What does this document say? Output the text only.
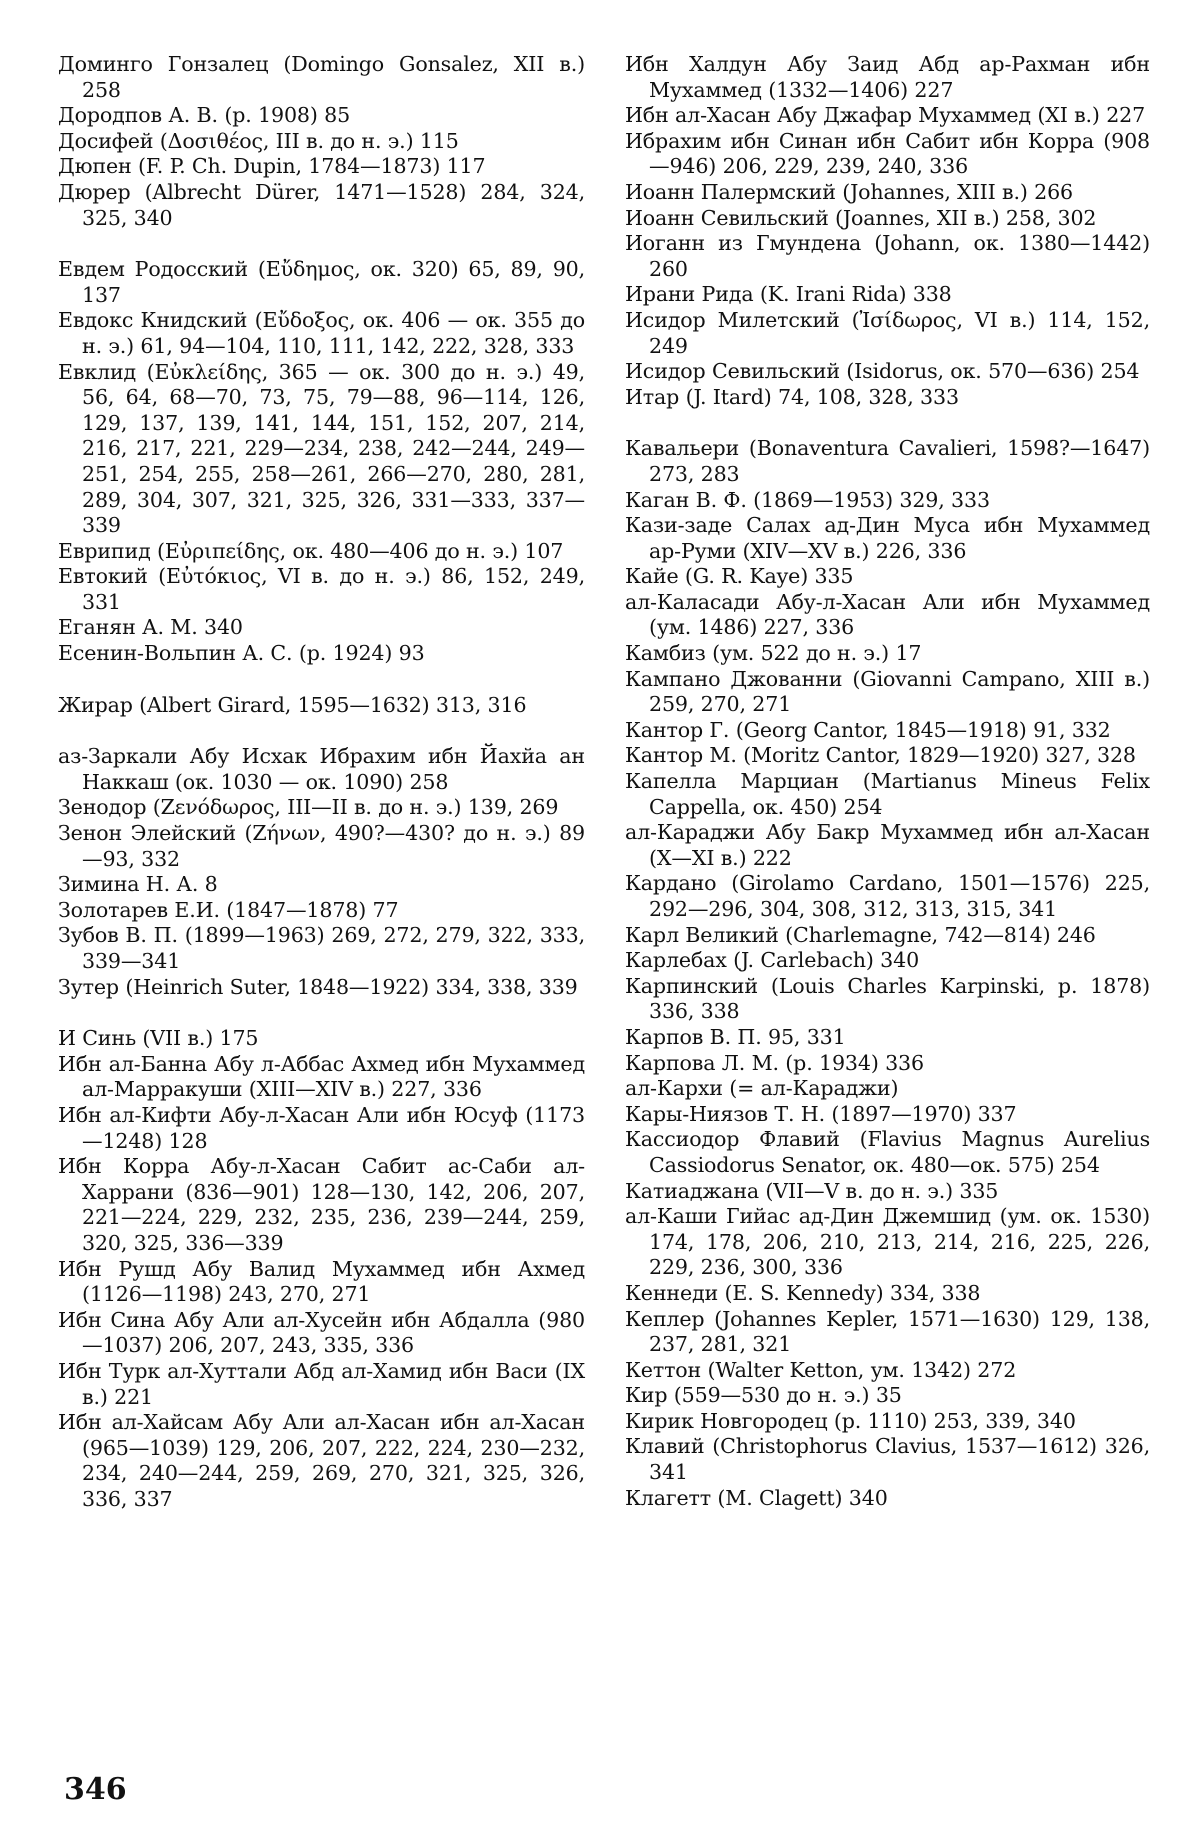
Доминго Гонзалец (Domingo Gonsalez, XII в.) 258

Дородпов А. В. (р. 1908) 85

Досифей (Δοσιθέος, III в. до н. э.) 115

Дюпен (F. P. Ch. Dupin, 1784—1873) 117

Дюрер (Albrecht Dürer, 1471—1528) 284, 324, 325, 340

Евдем Родосский (Εὔδημος, ок. 320) 65, 89, 90, 137

Евдокс Книдский (Εὔδοξος, ок. 406 — ок. 355 до н. э.) 61, 94—104, 110, 111, 142, 222, 328, 333

Евклид (Εὐκλείδης, 365 — ок. 300 до н. э.) 49, 56, 64, 68—70, 73, 75, 79—88, 96—114, 126, 129, 137, 139, 141, 144, 151, 152, 207, 214, 216, 217, 221, 229—234, 238, 242—244, 249—251, 254, 255, 258—261, 266—270, 280, 281, 289, 304, 307, 321, 325, 326, 331—333, 337—339

Еврипид (Εὐριπείδης, ок. 480—406 до н. э.) 107

Евтокий (Εὐτόκιος, VI в. до н. э.) 86, 152, 249, 331

Еганян А. М. 340

Есенин-Вольпин А. С. (р. 1924) 93

Жирар (Albert Girard, 1595—1632) 313, 316

аз-Заркали Абу Исхак Ибрахим ибн Йахйа ан Наккаш (ок. 1030 — ок. 1090) 258

Зенодор (Ζενόδωρος, III—II в. до н. э.) 139, 269

Зенон Элейский (Ζήνων, 490?—430? до н. э.) 89—93, 332

Зимина Н. А. 8

Золотарев Е.И. (1847—1878) 77

Зубов В. П. (1899—1963) 269, 272, 279, 322, 333, 339—341

Зутер (Heinrich Suter, 1848—1922) 334, 338, 339

И Синь (VII в.) 175

Ибн ал-Банна Абу л-Аббас Ахмед ибн Мухаммед ал-Марракуши (XIII—XIV в.) 227, 336

Ибн ал-Кифти Абу-л-Хасан Али ибн Юсуф (1173—1248) 128

Ибн Корра Абу-л-Хасан Сабит ас-Саби ал-Харрани (836—901) 128—130, 142, 206, 207, 221—224, 229, 232, 235, 236, 239—244, 259, 320, 325, 336—339

Ибн Рушд Абу Валид Мухаммед ибн Ахмед (1126—1198) 243, 270, 271

Ибн Сина Абу Али ал-Хусейн ибн Абдалла (980—1037) 206, 207, 243, 335, 336

Ибн Турк ал-Хуттали Абд ал-Хамид ибн Васи (IX в.) 221

Ибн ал-Хайсам Абу Али ал-Хасан ибн ал-Хасан (965—1039) 129, 206, 207, 222, 224, 230—232, 234, 240—244, 259, 269, 270, 321, 325, 326, 336, 337

Ибн Халдун Абу Заид Абд ар-Рахман ибн Мухаммед (1332—1406) 227

Ибн ал-Хасан Абу Джафар Мухаммед (XI в.) 227

Ибрахим ибн Синан ибн Сабит ибн Корра (908—946) 206, 229, 239, 240, 336

Иоанн Палермский (Johannes, XIII в.) 266

Иоанн Севильский (Joannes, XII в.) 258, 302

Иоганн из Гмундена (Johann, ок. 1380—1442) 260

Ирани Рида (K. Irani Rida) 338

Исидор Милетский (Ἰσίδωρος, VI в.) 114, 152, 249

Исидор Севильский (Isidorus, ок. 570—636) 254

Итар (J. Itard) 74, 108, 328, 333

Кавальери (Bonaventura Cavalieri, 1598?—1647) 273, 283

Каган В. Ф. (1869—1953) 329, 333

Кази-заде Салах ад-Дин Муса ибн Мухаммед ар-Руми (XIV—XV в.) 226, 336

Кайе (G. R. Kaye) 335

ал-Каласади Абу-л-Хасан Али ибн Мухаммед (ум. 1486) 227, 336

Камбиз (ум. 522 до н. э.) 17

Кампано Джованни (Giovanni Campano, XIII в.) 259, 270, 271

Кантор Г. (Georg Cantor, 1845—1918) 91, 332

Кантор М. (Moritz Cantor, 1829—1920) 327, 328

Капелла Марциан (Martianus Mineus Felix Cappella, ок. 450) 254

ал-Караджи Абу Бакр Мухаммед ибн ал-Хасан (X—XI в.) 222

Кардано (Girolamo Cardano, 1501—1576) 225, 292—296, 304, 308, 312, 313, 315, 341

Карл Великий (Charlemagne, 742—814) 246

Карлебах (J. Carlebach) 340

Карпинский (Louis Charles Karpinski, р. 1878) 336, 338

Карпов В. П. 95, 331

Карпова Л. М. (р. 1934) 336

ал-Кархи (= ал-Караджи)

Кары-Ниязов Т. Н. (1897—1970) 337

Кассиодор Флавий (Flavius Magnus Aurelius Cassiodorus Senator, ок. 480—ок. 575) 254

Катиаджана (VII—V в. до н. э.) 335

ал-Каши Гийас ад-Дин Джемшид (ум. ок. 1530) 174, 178, 206, 210, 213, 214, 216, 225, 226, 229, 236, 300, 336

Кеннеди (E. S. Kennedy) 334, 338

Кеплер (Johannes Kepler, 1571—1630) 129, 138, 237, 281, 321

Кеттон (Walter Ketton, ум. 1342) 272

Кир (559—530 до н. э.) 35

Кирик Новгородец (р. 1110) 253, 339, 340

Клавий (Christophorus Clavius, 1537—1612) 326, 341

Клагетт (M. Clagett) 340

346
